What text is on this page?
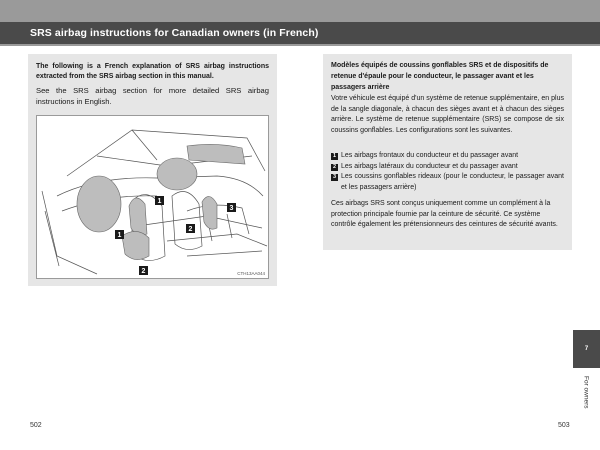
SRS airbag instructions for Canadian owners (in French)
The following is a French explanation of SRS airbag instructions extracted from the SRS airbag section in this manual.
See the SRS airbag section for more detailed SRS airbag instructions in English.
1
1
2
2
3
CTH13AA044
Modèles équipés de coussins gonflables SRS et de dispositifs de retenue d'épaule pour le conducteur, le passager avant et les passagers arrière
Votre véhicule est équipé d'un système de retenue supplémentaire, en plus de la sangle diagonale, à chacun des sièges avant et à chacun des sièges arrière. Le système de retenue supplémentaire (SRS) se compose de six coussins gonflables. Les configurations sont les suivantes.
1 Les airbags frontaux du conducteur et du passager avant
2 Les airbags latéraux du conducteur et du passager avant
3 Les coussins gonflables rideaux (pour le conducteur, le passager avant et les passagers arrière)
Ces airbags SRS sont conçus uniquement comme un complément à la protection principale fournie par la ceinture de sécurité. Ce système contrôle également les prétensionneurs des ceintures de sécurité avants.
7
For owners
502	503
